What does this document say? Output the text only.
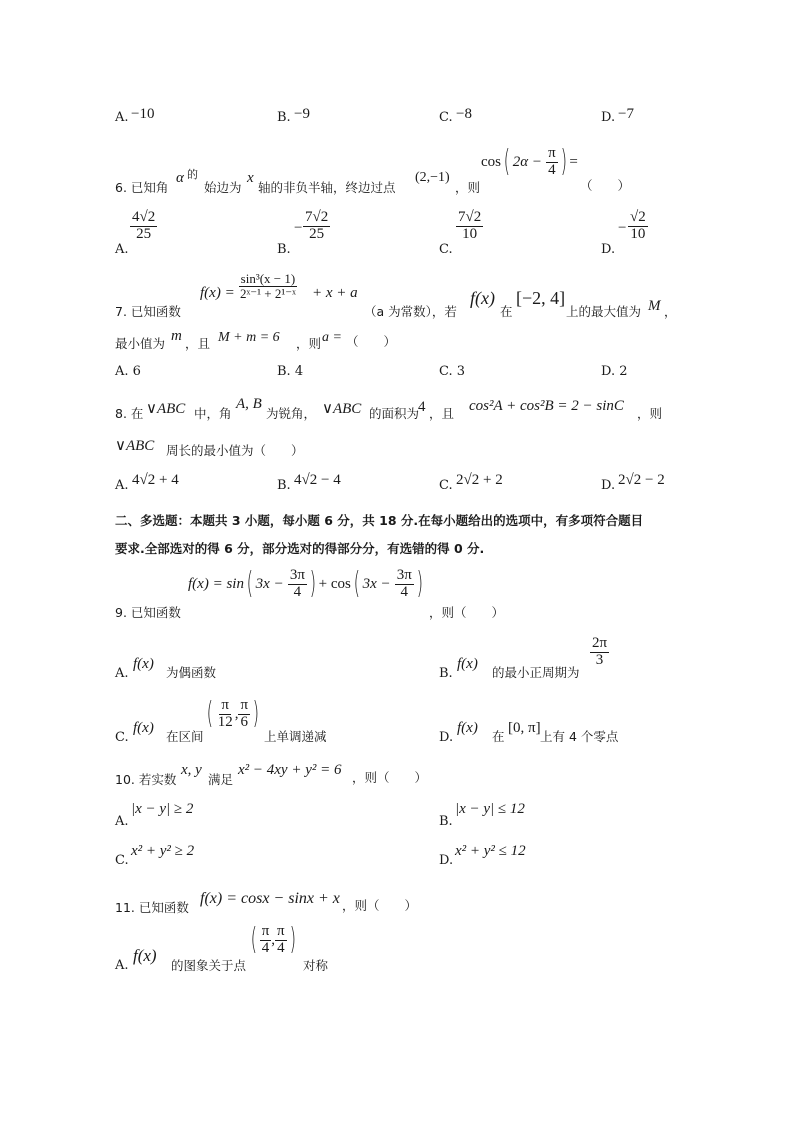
A. −10	B. −9	C. −8	D. −7
6. 已知角
α 的
始边为
x
轴的非负半轴，终边过点
(2,−1)
，则
cos( $2\alpha - \frac{\pi}{4}$ ) =
（　　）
A.
$\frac{4√2}{25}$
B.
− $\frac{7√2}{25}$
C.
$\frac{7√2}{10}$
D.
− $\frac{√2}{10}$
7. 已知函数
$f(x) = \frac{\text{sin³(x − 1)}}{\text{2ˣ⁻¹ + 2¹⁻ˣ}} + x + a$
（a 为常数），若
f(x)
在
[−2, 4]
上的最大值为 M ，
最小值为 m ，且 M + m = 6 ，则 a = （　　）
A. 6	B. 4	C. 3	D. 2
8. 在 ∨ABC 中，角
A, B
为锐角， ∨ABC 的面积为
4 ，且 cos²A + cos²B = 2 − sinC ，则
∨ABC 周长的最小值为（　　）
A. 4√2 + 4	B. 4√2 − 4	C. 2√2 + 2	D. 2√2 − 2
二、多选题：本题共 3 小题，每小题 6 分，共 18 分.在每小题给出的选项中，有多项符合题目
要求.全部选对的得 6 分，部分选对的得部分分，有选错的得 0 分.
9. 已知函数
f(x) = sin( $3x - \frac{3\pi}{4}$ ) + cos( $3x - \frac{3\pi}{4}$ )
，则（　　）
A.
f(x)
为偶函数	B.
f(x)
的最小正周期为
$\frac{2\pi}{3}$
C.
f(x)
在区间
( $\frac{\pi}{12}$ , $\frac{\pi}{6}$ )
上单调递减	D.
f(x)
在
[0, π]
上有 4 个零点
10. 若实数
x, y
满足
x² − 4xy + y² = 6 ，则（　　）
A.
|x − y| ≥ 2
B.
|x − y| ≤ 12
C.
x² + y² ≥ 2
D.
x² + y² ≤ 12
11. 已知函数
f(x) = cosx − sinx + x ，则（　　）
A.
f(x)
的图象关于点
( $\frac{\pi}{4}$ , $\frac{\pi}{4}$ )
对称
